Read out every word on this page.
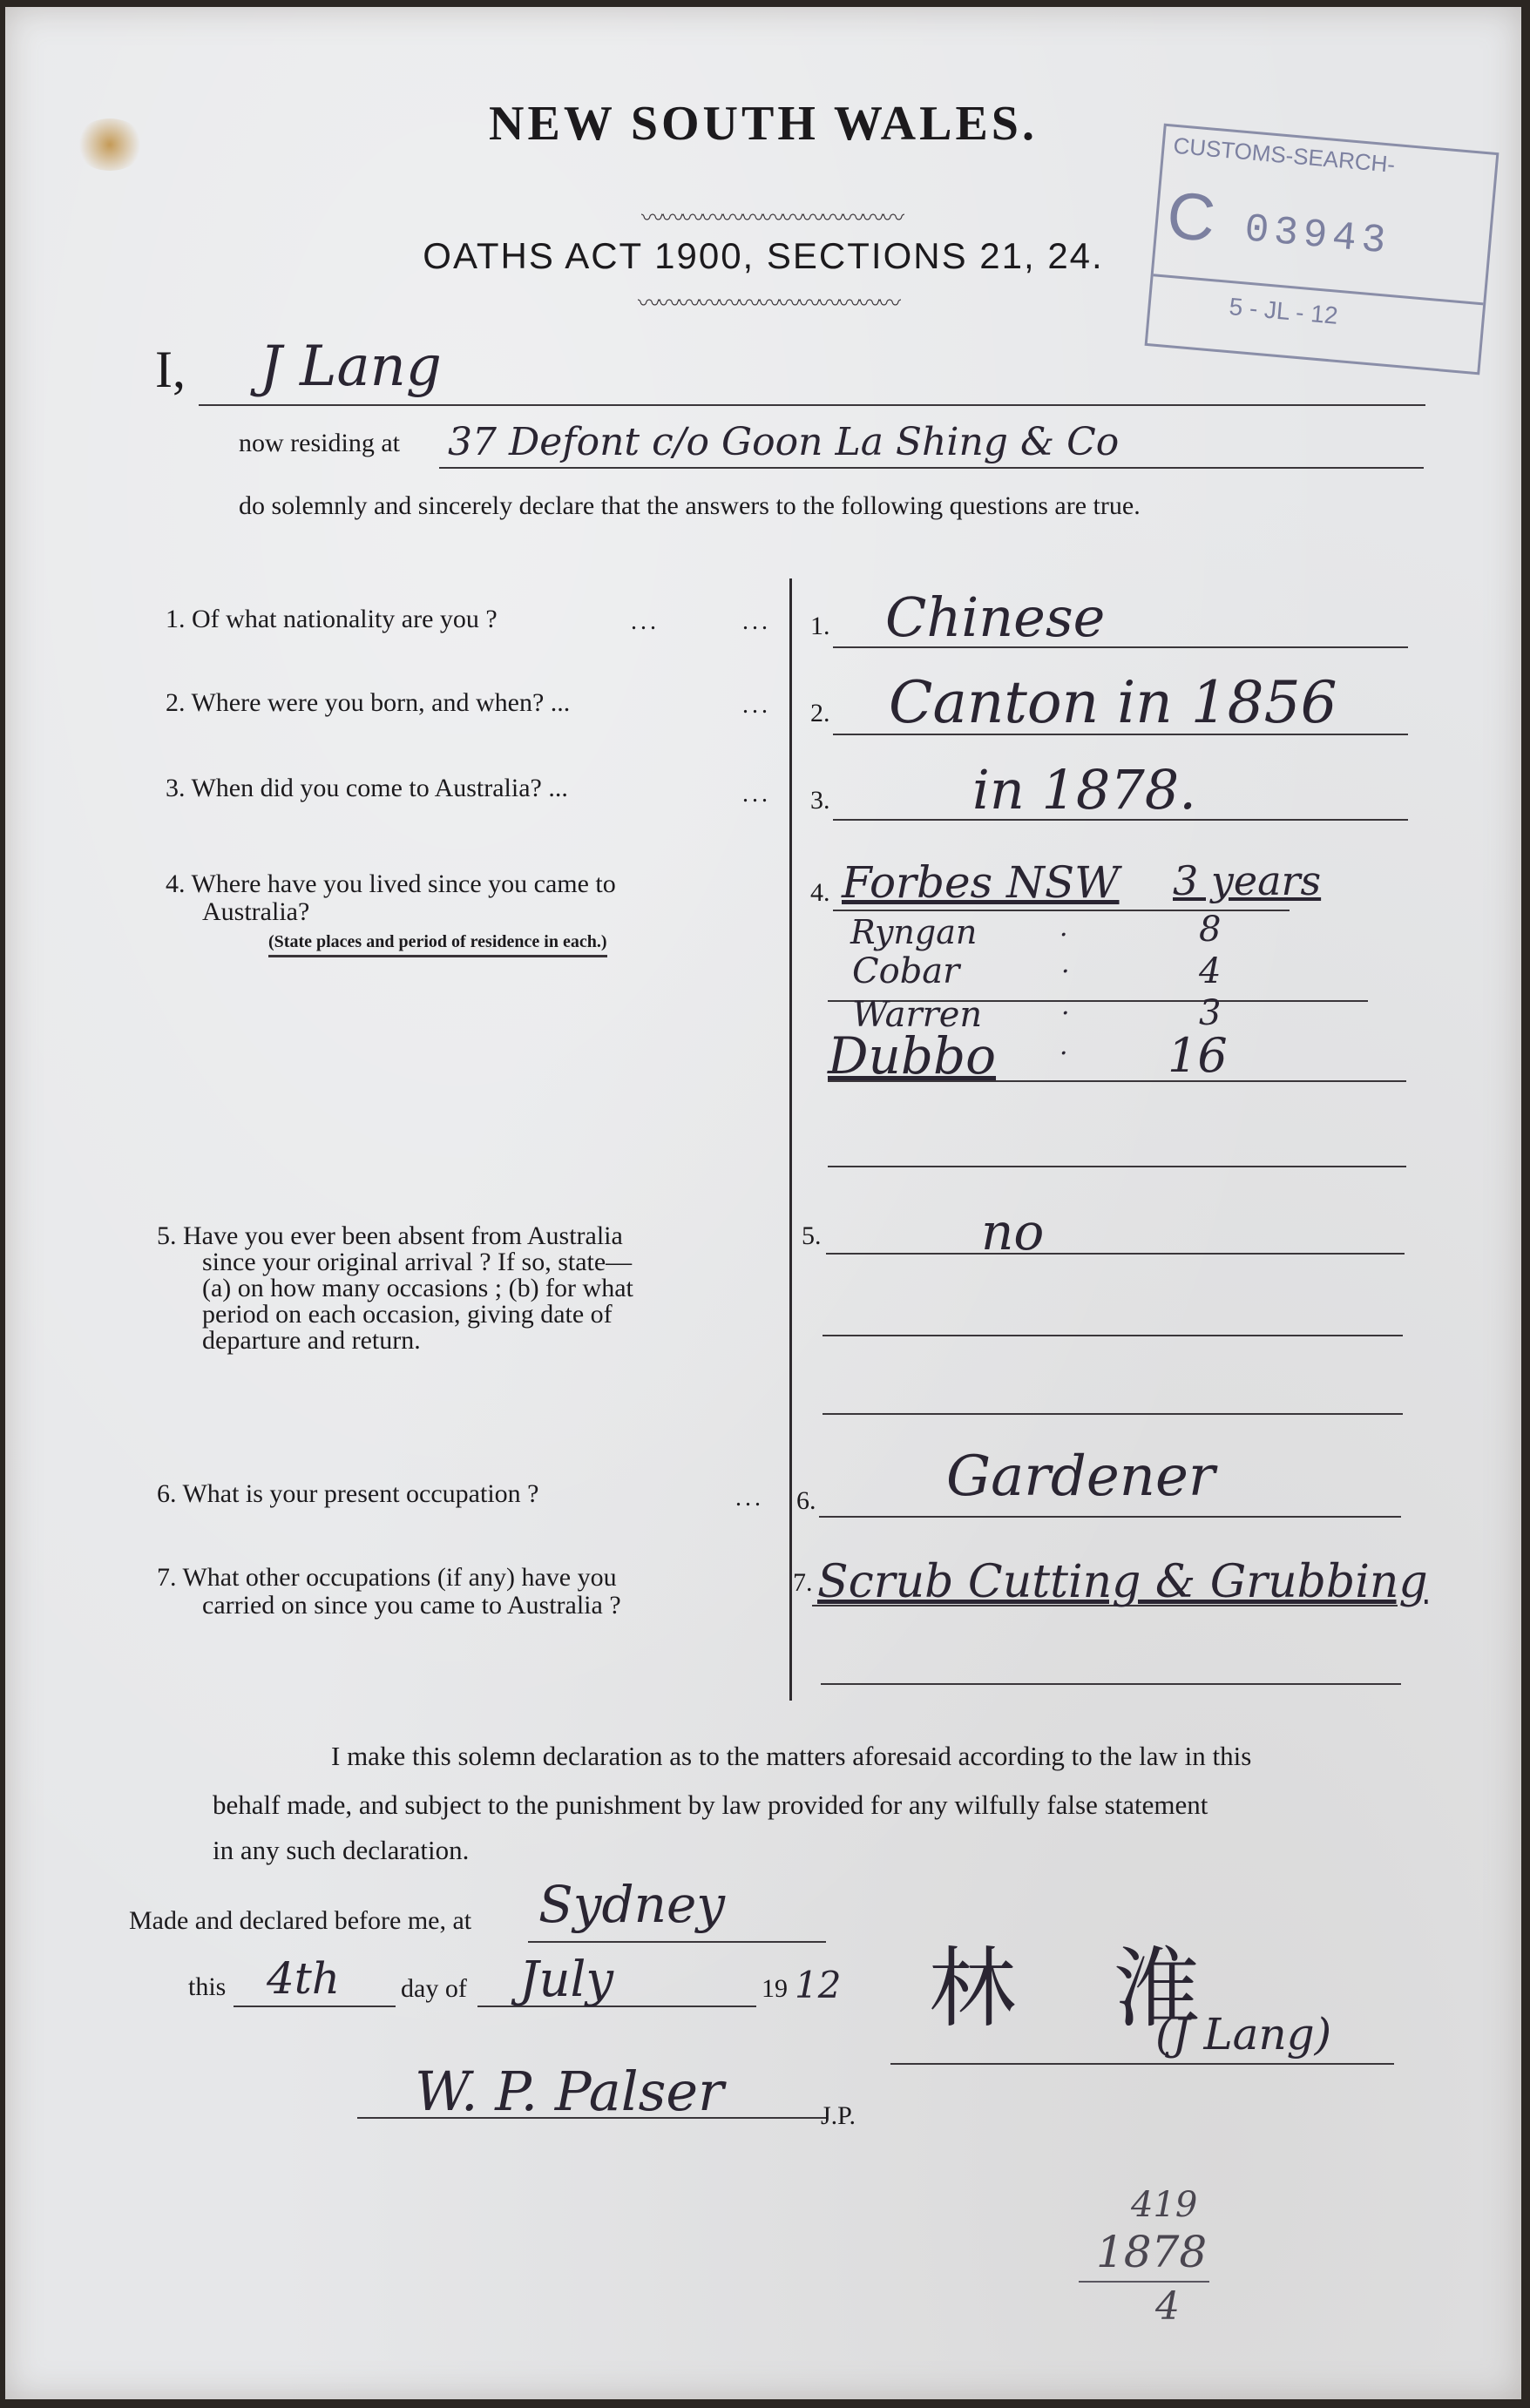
NEW SOUTH WALES.
〰〰〰〰〰〰〰〰〰〰〰〰〰
OATHS ACT 1900, SECTIONS 21, 24.
〰〰〰〰〰〰〰〰〰〰〰〰〰
CUSTOMS-SEARCH-
C 03943
5 - JL - 12
I, J Lang
now residing at 37 Defont c/o Goon La Shing & Co
do solemnly and sincerely declare that the answers to the following questions are true.
1. Of what nationality are you ?	...	... 1. Chinese
2. Where were you born, and when? ...	... 2. Canton in 1856
3. When did you come to Australia? ...	... 3.	in 1878.
4. Where have you lived since you came to
Australia?
(State places and period of residence in each.)
4. Forbes NSW 3 years
Ryngan	·	8
Cobar	·	4
Warren	·	3
Dubbo · 16
5. Have you ever been absent from Australia
since your original arrival ? If so, state—
(a) on how many occasions ; (b) for what
period on each occasion, giving date of
departure and return.
5.	no
6. What is your present occupation ?	... 6. Gardener
7. What other occupations (if any) have you
carried on since you came to Australia ?
7. Scrub Cutting & Grubbing
I make this solemn declaration as to the matters aforesaid according to the law in this
behalf made, and subject to the punishment by law provided for any wilfully false statement
in any such declaration.
Made and declared before me, at Sydney
this 4th day of July	19 12 林 淮
(J Lang)
W. P. Palser	J.P.
419
1878
4
